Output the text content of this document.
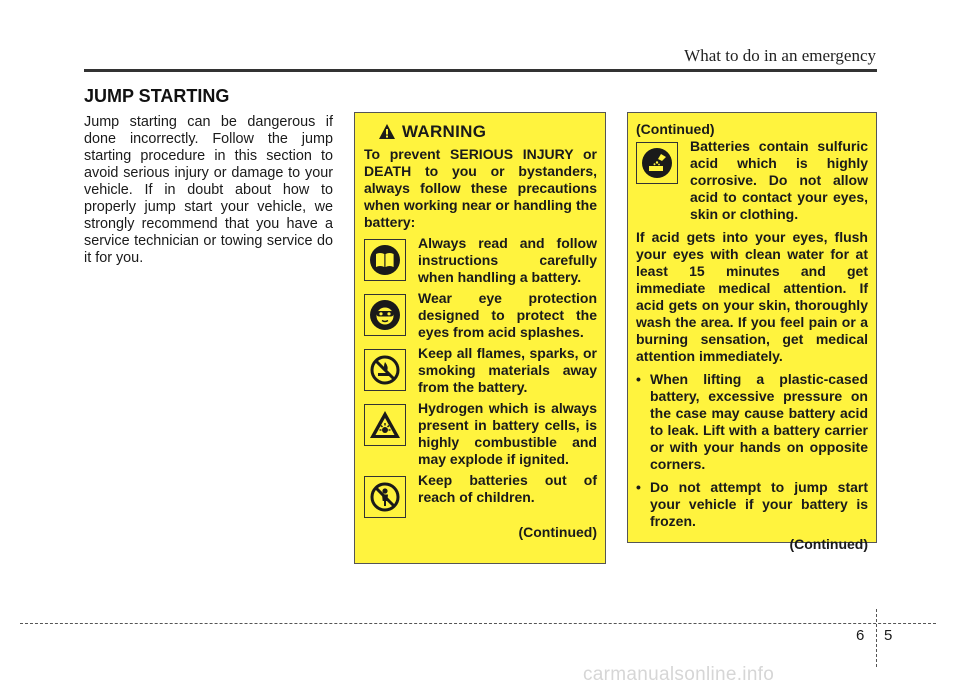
What to do in an emergency
JUMP STARTING

Jump starting can be dangerous if done incorrectly. Follow the jump starting procedure in this section to avoid serious injury or damage to your vehicle. If in doubt about how to properly jump start your vehicle, we strongly recommend that you have a service technician or towing service do it for you.

WARNING
To prevent SERIOUS INJURY or DEATH to you or bystanders, always follow these precautions when working near or handling the battery:
Always read and follow instructions carefully when handling a battery.
Wear eye protection designed to protect the eyes from acid splashes.
Keep all flames, sparks, or smoking materials away from the battery.
Hydrogen which is always present in battery cells, is highly combustible and may explode if ignited.
Keep batteries out of reach of children.
(Continued)
(Continued)
Batteries contain sulfuric acid which is highly corrosive. Do not allow acid to contact your eyes, skin or clothing.
If acid gets into your eyes, flush your eyes with clean water for at least 15 minutes and get immediate medical attention. If acid gets on your skin, thoroughly wash the area. If you feel pain or a burning sensation, get medical attention immediately.
• When lifting a plastic-cased battery, excessive pressure on the case may cause battery acid to leak. Lift with a battery carrier or with your hands on opposite corners.
• Do not attempt to jump start your vehicle if your battery is frozen.
(Continued)
6 5
carmanualsonline.info
